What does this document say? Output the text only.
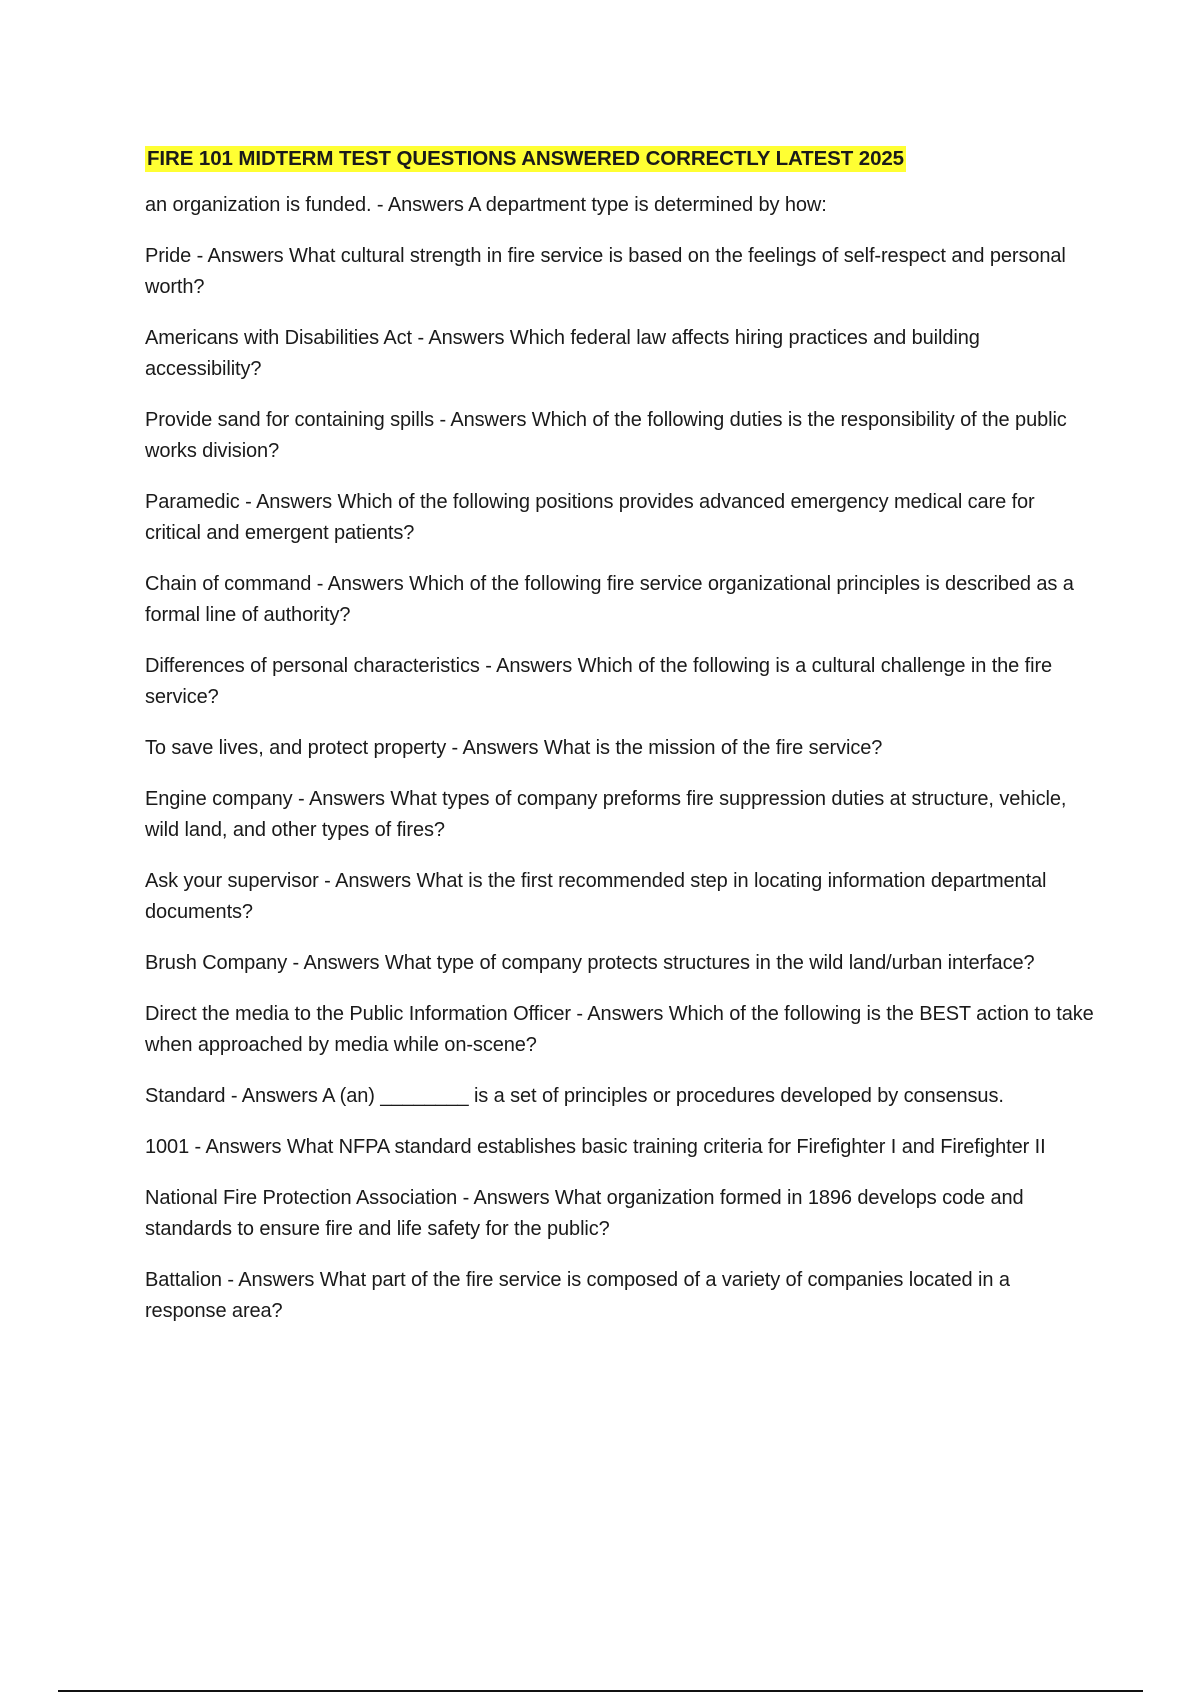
FIRE 101 MIDTERM TEST QUESTIONS ANSWERED CORRECTLY LATEST 2025
an organization is funded. - Answers A department type is determined by how:
Pride - Answers What cultural strength in fire service is based on the feelings of self-respect and personal worth?
Americans with Disabilities Act - Answers Which federal law affects hiring practices and building accessibility?
Provide sand for containing spills - Answers Which of the following duties is the responsibility of the public works division?
Paramedic - Answers Which of the following positions provides advanced emergency medical care for critical and emergent patients?
Chain of command - Answers Which of the following fire service organizational principles is described as a formal line of authority?
Differences of personal characteristics - Answers Which of the following is a cultural challenge in the fire service?
To save lives, and protect property - Answers What is the mission of the fire service?
Engine company - Answers What types of company preforms fire suppression duties at structure, vehicle, wild land, and other types of fires?
Ask your supervisor - Answers What is the first recommended step in locating information departmental documents?
Brush Company - Answers What type of company protects structures in the wild land/urban interface?
Direct the media to the Public Information Officer - Answers Which of the following is the BEST action to take when approached by media while on-scene?
Standard - Answers A (an) ________ is a set of principles or procedures developed by consensus.
1001 - Answers What NFPA standard establishes basic training criteria for Firefighter I and Firefighter II
National Fire Protection Association - Answers What organization formed in 1896 develops code and standards to ensure fire and life safety for the public?
Battalion - Answers What part of the fire service is composed of a variety of companies located in a response area?
